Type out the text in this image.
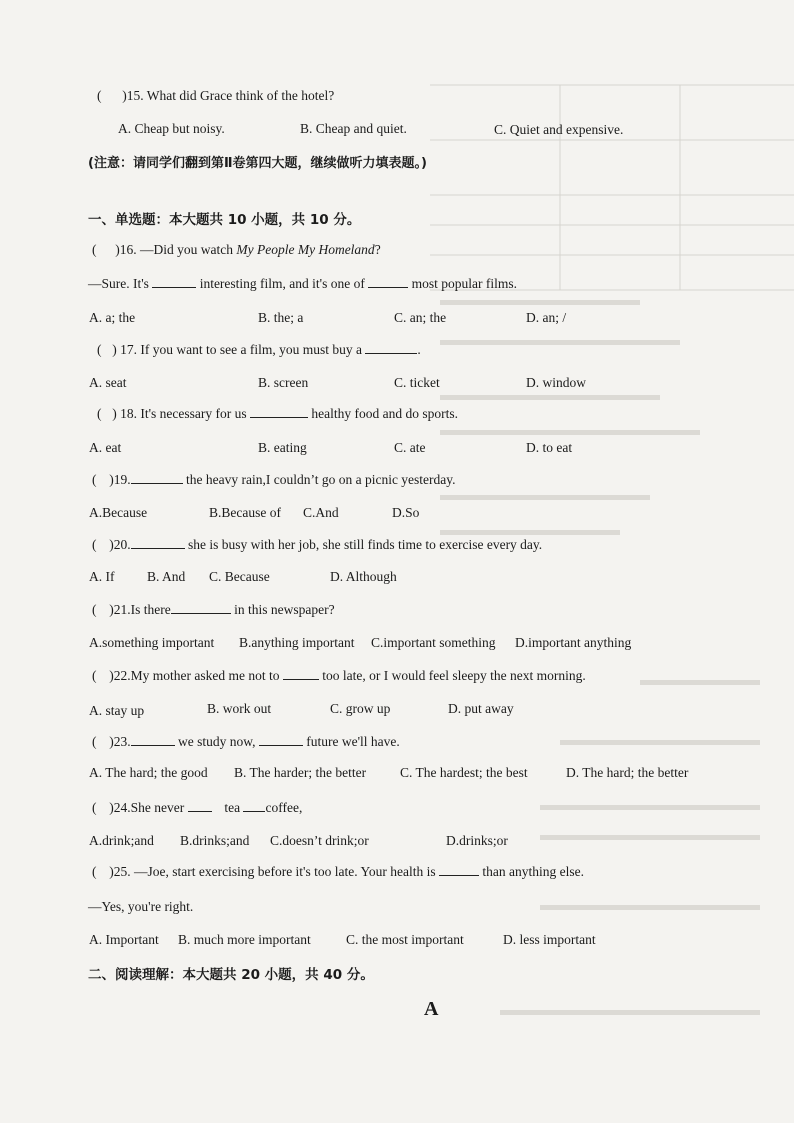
( )15. What did Grace think of the hotel?
A. Cheap but noisy.	B. Cheap and quiet.	C. Quiet and expensive.
(注意：请同学们翻到第Ⅱ卷第四大题，继续做听力填表题。)
一、单选题：本大题共 10 小题，共 10 分。
( )16. —Did you watch My People My Homeland?
—Sure. It's	interesting film, and it's one of	most popular films.
A. a; the	B. the; a	C. an; the	D. an; /
( ) 17. If you want to see a film, you must buy a	.
A. seat	B. screen	C. ticket	D. window
( ) 18. It's necessary for us	healthy food and do sports.
A. eat	B. eating	C. ate	D. to eat
( )19.	the heavy rain,I couldn’t go on a picnic yesterday.
A.Because	B.Because of C.And	D.So
( )20.	she is busy with her job, she still finds time to exercise every day.
A. If B. And C. Because	D. Although
( )21.Is there	in this newspaper?
A.something important B.anything important C.important something D.important anything
( )22.My mother asked me not to	too late, or I would feel sleepy the next morning.
A. stay up	B. work out	C. grow up	D. put away
( )23.	we study now,	future we'll have.
A. The hard; the good B. The harder; the better	C. The hardest; the best	D. The hard; the better
( )24.She never	tea coffee,
A.drink;and B.drinks;and C.doesn’t drink;or	D.drinks;or
( )25. —Joe, start exercising before it's too late. Your health is	than anything else.
—Yes, you're right.
A. Important B. much more important	C. the most important	D. less important
二、阅读理解：本大题共 20 小题，共 40 分。
A
